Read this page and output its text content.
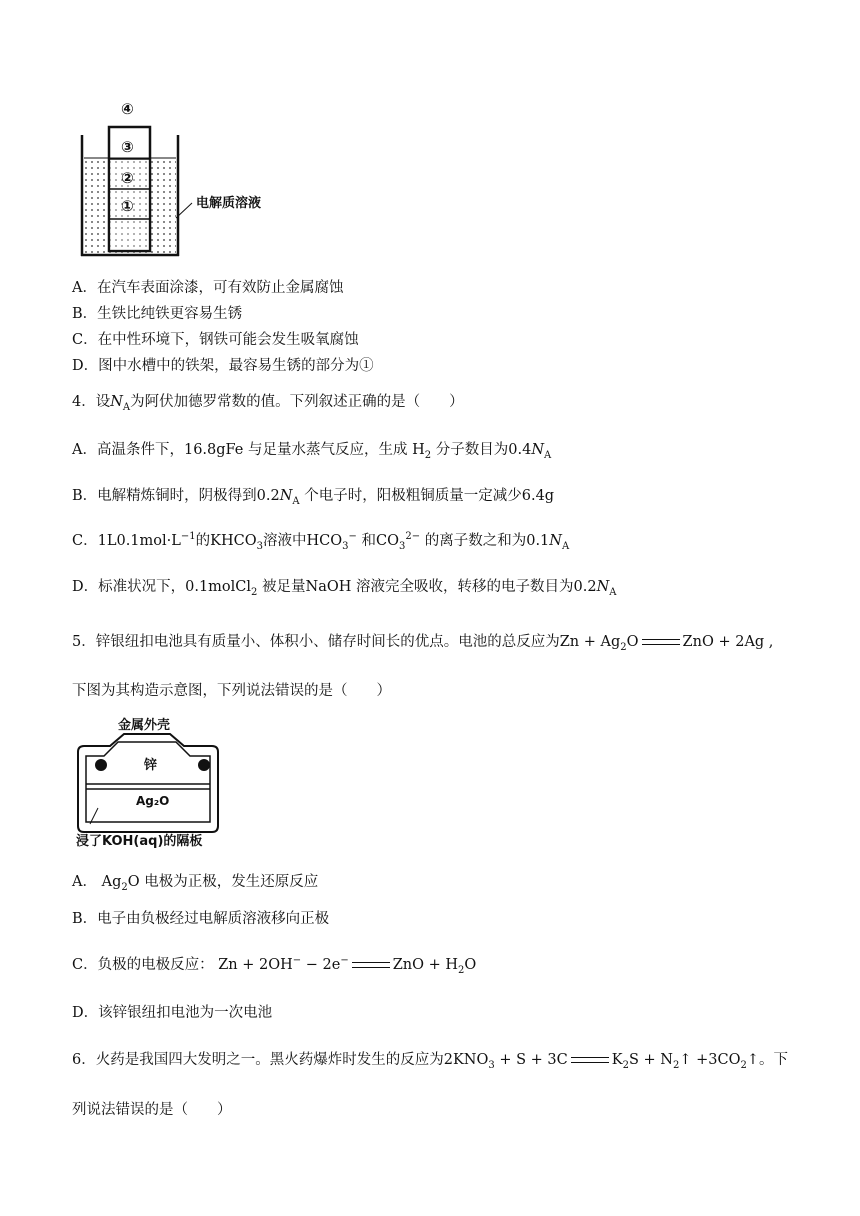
④
③
②
①	电解质溶液
A．在汽车表面涂漆，可有效防止金属腐蚀
B．生铁比纯铁更容易生锈
C．在中性环境下，钢铁可能会发生吸氧腐蚀
D．图中水槽中的铁架，最容易生锈的部分为①
4．设$N_A$为阿伏加德罗常数的值。下列叙述正确的是（　　）
A．高温条件下，16.8gFe 与足量水蒸气反应，生成 $H_2$ 分子数目为$0.4N_A$
B．电解精炼铜时，阴极得到$0.2N_A$ 个电子时，阳极粗铜质量一定减少6.4g
C．$1L0.1mol\cdot L^{-1}$的$KHCO_3$溶液中$HCO_3^-$ 和$CO_3^{2-}$ 的离子数之和为$0.1N_A$
D．标准状况下，0.1molCl$_2$ 被足量NaOH 溶液完全吸收，转移的电子数目为$0.2N_A$
5．锌银纽扣电池具有质量小、体积小、储存时间长的优点。电池的总反应为$Zn + Ag_2O$	ZnO + 2Ag ,
下图为其构造示意图，下列说法错误的是（　　）
金属外壳
锌
Ag₂O
浸了KOH(aq)的隔板
A． $Ag_2O$ 电极为正极，发生还原反应
B．电子由负极经过电解质溶液移向正极
C．负极的电极反应： Zn + 2OH− − 2e−	ZnO + $H_2O$
D．该锌银纽扣电池为一次电池
6．火药是我国四大发明之一。黑火药爆炸时发生的反应为$2KNO_3 + S + 3C$	$K_2S$ + $N_2↑$ $+3CO_2↑$。下
列说法错误的是（　　）
